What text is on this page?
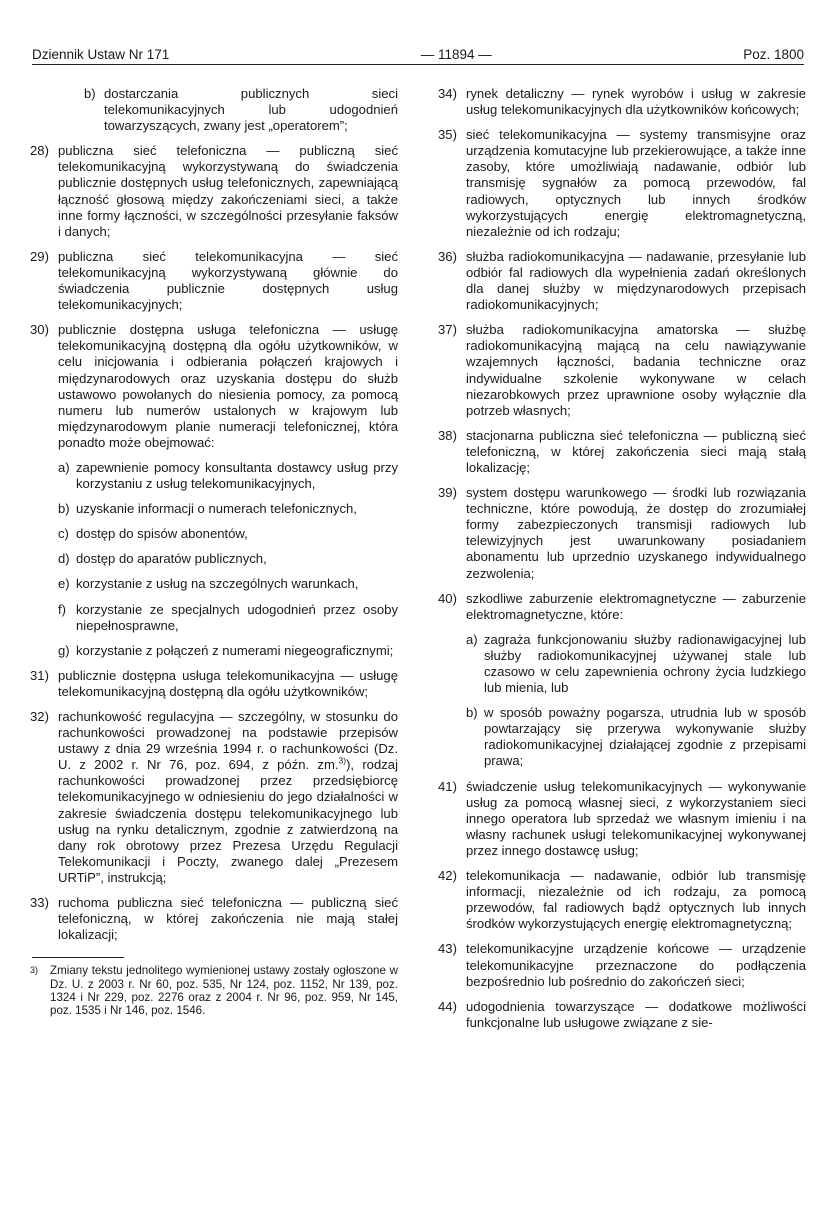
Dziennik Ustaw Nr 171	— 11894 —	Poz. 1800
b) dostarczania publicznych sieci telekomunikacyjnych lub udogodnień towarzyszących, zwany jest „operatorem”;
28) publiczna sieć telefoniczna — publiczną sieć telekomunikacyjną wykorzystywaną do świadczenia publicznie dostępnych usług telefonicznych, zapewniającą łączność głosową między zakończeniami sieci, a także inne formy łączności, w szczególności przesyłanie faksów i danych;
29) publiczna sieć telekomunikacyjna — sieć telekomunikacyjną wykorzystywaną głównie do świadczenia publicznie dostępnych usług telekomunikacyjnych;
30) publicznie dostępna usługa telefoniczna — usługę telekomunikacyjną dostępną dla ogółu użytkowników, w celu inicjowania i odbierania połączeń krajowych i międzynarodowych oraz uzyskania dostępu do służb ustawowo powołanych do niesienia pomocy, za pomocą numeru lub numerów ustalonych w krajowym lub międzynarodowym planie numeracji telefonicznej, która ponadto może obejmować:
a) zapewnienie pomocy konsultanta dostawcy usług przy korzystaniu z usług telekomunikacyjnych,
b) uzyskanie informacji o numerach telefonicznych,
c) dostęp do spisów abonentów,
d) dostęp do aparatów publicznych,
e) korzystanie z usług na szczególnych warunkach,
f) korzystanie ze specjalnych udogodnień przez osoby niepełnosprawne,
g) korzystanie z połączeń z numerami niegeograficznymi;
31) publicznie dostępna usługa telekomunikacyjna — usługę telekomunikacyjną dostępną dla ogółu użytkowników;
32) rachunkowość regulacyjna — szczególny, w stosunku do rachunkowości prowadzonej na podstawie przepisów ustawy z dnia 29 września 1994 r. o rachunkowości (Dz. U. z 2002 r. Nr 76, poz. 694, z późn. zm.$^{3)}$), rodzaj rachunkowości prowadzonej przez przedsiębiorcę telekomunikacyjnego w odniesieniu do jego działalności w zakresie świadczenia dostępu telekomunikacyjnego lub usług na rynku detalicznym, zgodnie z zatwierdzoną na dany rok obrotowy przez Prezesa Urzędu Regulacji Telekomunikacji i Poczty, zwanego dalej „Prezesem URTiP”, instrukcją;
33) ruchoma publiczna sieć telefoniczna — publiczną sieć telefoniczną, w której zakończenia nie mają stałej lokalizacji;
3) Zmiany tekstu jednolitego wymienionej ustawy zostały ogłoszone w Dz. U. z 2003 r. Nr 60, poz. 535, Nr 124, poz. 1152, Nr 139, poz. 1324 i Nr 229, poz. 2276 oraz z 2004 r. Nr 96, poz. 959, Nr 145, poz. 1535 i Nr 146, poz. 1546.
34) rynek detaliczny — rynek wyrobów i usług w zakresie usług telekomunikacyjnych dla użytkowników końcowych;
35) sieć telekomunikacyjna — systemy transmisyjne oraz urządzenia komutacyjne lub przekierowujące, a także inne zasoby, które umożliwiają nadawanie, odbiór lub transmisję sygnałów za pomocą przewodów, fal radiowych, optycznych lub innych środków wykorzystujących energię elektromagnetyczną, niezależnie od ich rodzaju;
36) służba radiokomunikacyjna — nadawanie, przesyłanie lub odbiór fal radiowych dla wypełnienia zadań określonych dla danej służby w międzynarodowych przepisach radiokomunikacyjnych;
37) służba radiokomunikacyjna amatorska — służbę radiokomunikacyjną mającą na celu nawiązywanie wzajemnych łączności, badania techniczne oraz indywidualne szkolenie wykonywane w celach niezarobkowych przez uprawnione osoby wyłącznie dla potrzeb własnych;
38) stacjonarna publiczna sieć telefoniczna — publiczną sieć telefoniczną, w której zakończenia sieci mają stałą lokalizację;
39) system dostępu warunkowego — środki lub rozwiązania techniczne, które powodują, że dostęp do zrozumiałej formy zabezpieczonych transmisji radiowych lub telewizyjnych jest uwarunkowany posiadaniem abonamentu lub uprzednio uzyskanego indywidualnego zezwolenia;
40) szkodliwe zaburzenie elektromagnetyczne — zaburzenie elektromagnetyczne, które:
a) zagraża funkcjonowaniu służby radionawigacyjnej lub służby radiokomunikacyjnej używanej stale lub czasowo w celu zapewnienia ochrony życia ludzkiego lub mienia, lub
b) w sposób poważny pogarsza, utrudnia lub w sposób powtarzający się przerywa wykonywanie służby radiokomunikacyjnej działającej zgodnie z przepisami prawa;
41) świadczenie usług telekomunikacyjnych — wykonywanie usług za pomocą własnej sieci, z wykorzystaniem sieci innego operatora lub sprzedaż we własnym imieniu i na własny rachunek usługi telekomunikacyjnej wykonywanej przez innego dostawcę usług;
42) telekomunikacja — nadawanie, odbiór lub transmisję informacji, niezależnie od ich rodzaju, za pomocą przewodów, fal radiowych bądź optycznych lub innych środków wykorzystujących energię elektromagnetyczną;
43) telekomunikacyjne urządzenie końcowe — urządzenie telekomunikacyjne przeznaczone do podłączenia bezpośrednio lub pośrednio do zakończeń sieci;
44) udogodnienia towarzyszące — dodatkowe możliwości funkcjonalne lub usługowe związane z sie-
